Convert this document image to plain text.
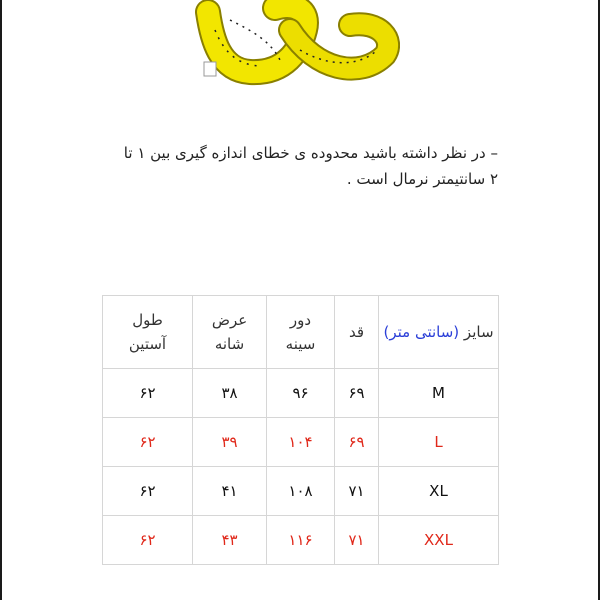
– در نظر داشته باشید محدوده ی خطای اندازه گیری بین ۱ تا
۲ سانتیمتر نرمال است .
سایز (سانتی متر)	قد	دور سینه	عرض شانه	طول آستین
M	۶۹	۹۶	۳۸	۶۲
L	۶۹	۱۰۴	۳۹	۶۲
XL	۷۱	۱۰۸	۴۱	۶۲
XXL	۷۱	۱۱۶	۴۳	۶۲
